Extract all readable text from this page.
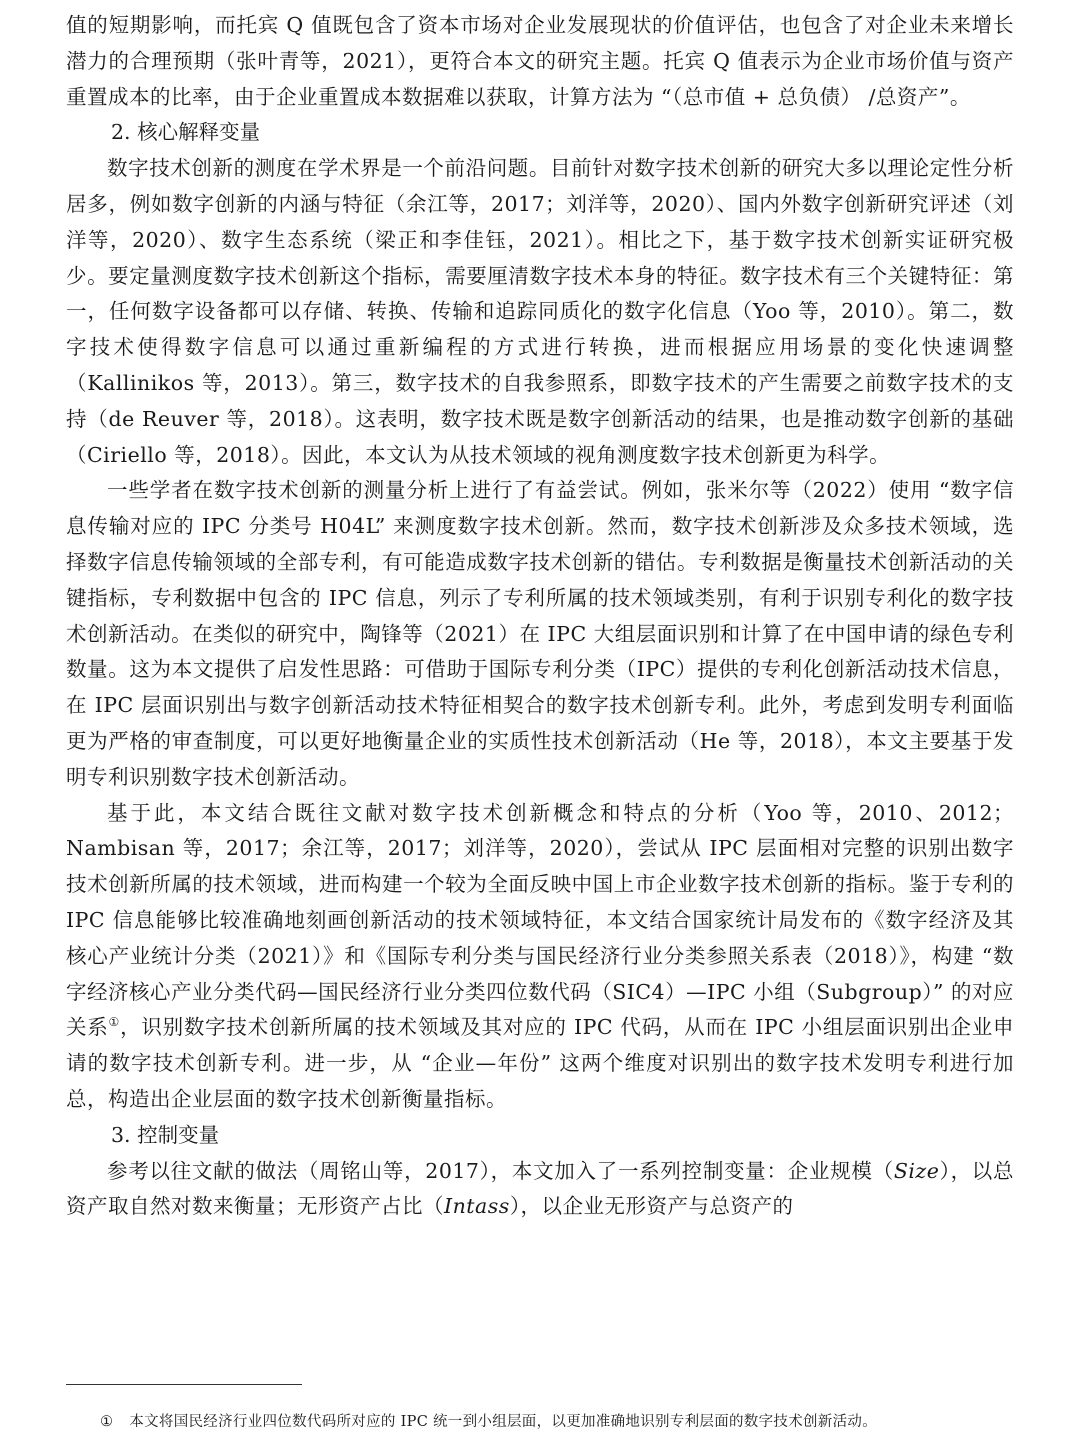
值的短期影响，而托宾 Q 值既包含了资本市场对企业发展现状的价值评估，也包含了对企业未来增长潜力的合理预期（张叶青等，2021），更符合本文的研究主题。托宾 Q 值表示为企业市场价值与资产重置成本的比率，由于企业重置成本数据难以获取，计算方法为 “（总市值 + 总负债） /总资产”。

2. 核心解释变量

数字技术创新的测度在学术界是一个前沿问题。目前针对数字技术创新的研究大多以理论定性分析居多，例如数字创新的内涵与特征（余江等，2017；刘洋等，2020）、国内外数字创新研究评述（刘洋等，2020）、数字生态系统（梁正和李佳钰，2021）。相比之下，基于数字技术创新实证研究极少。要定量测度数字技术创新这个指标，需要厘清数字技术本身的特征。数字技术有三个关键特征：第一，任何数字设备都可以存储、转换、传输和追踪同质化的数字化信息（Yoo 等，2010）。第二，数字技术使得数字信息可以通过重新编程的方式进行转换，进而根据应用场景的变化快速调整（Kallinikos 等，2013）。第三，数字技术的自我参照系，即数字技术的产生需要之前数字技术的支持（de Reuver 等，2018）。这表明，数字技术既是数字创新活动的结果，也是推动数字创新的基础（Ciriello 等，2018）。因此，本文认为从技术领域的视角测度数字技术创新更为科学。

一些学者在数字技术创新的测量分析上进行了有益尝试。例如，张米尔等（2022）使用 “数字信息传输对应的 IPC 分类号 H04L” 来测度数字技术创新。然而，数字技术创新涉及众多技术领域，选择数字信息传输领域的全部专利，有可能造成数字技术创新的错估。专利数据是衡量技术创新活动的关键指标，专利数据中包含的 IPC 信息，列示了专利所属的技术领域类别，有利于识别专利化的数字技术创新活动。在类似的研究中，陶锋等（2021）在 IPC 大组层面识别和计算了在中国申请的绿色专利数量。这为本文提供了启发性思路：可借助于国际专利分类（IPC）提供的专利化创新活动技术信息，在 IPC 层面识别出与数字创新活动技术特征相契合的数字技术创新专利。此外，考虑到发明专利面临更为严格的审查制度，可以更好地衡量企业的实质性技术创新活动（He 等，2018），本文主要基于发明专利识别数字技术创新活动。

基于此，本文结合既往文献对数字技术创新概念和特点的分析（Yoo 等，2010、2012；Nambisan 等，2017；余江等，2017；刘洋等，2020），尝试从 IPC 层面相对完整的识别出数字技术创新所属的技术领域，进而构建一个较为全面反映中国上市企业数字技术创新的指标。鉴于专利的 IPC 信息能够比较准确地刻画创新活动的技术领域特征，本文结合国家统计局发布的《数字经济及其核心产业统计分类（2021）》和《国际专利分类与国民经济行业分类参照关系表（2018）》，构建 “数字经济核心产业分类代码—国民经济行业分类四位数代码（SIC4）—IPC 小组（Subgroup）” 的对应关系①，识别数字技术创新所属的技术领域及其对应的 IPC 代码，从而在 IPC 小组层面识别出企业申请的数字技术创新专利。进一步，从 “企业—年份” 这两个维度对识别出的数字技术发明专利进行加总，构造出企业层面的数字技术创新衡量指标。

3. 控制变量

参考以往文献的做法（周铭山等，2017），本文加入了一系列控制变量：企业规模（Size），以总资产取自然对数来衡量；无形资产占比（Intass），以企业无形资产与总资产的

① 本文将国民经济行业四位数代码所对应的 IPC 统一到小组层面，以更加准确地识别专利层面的数字技术创新活动。
